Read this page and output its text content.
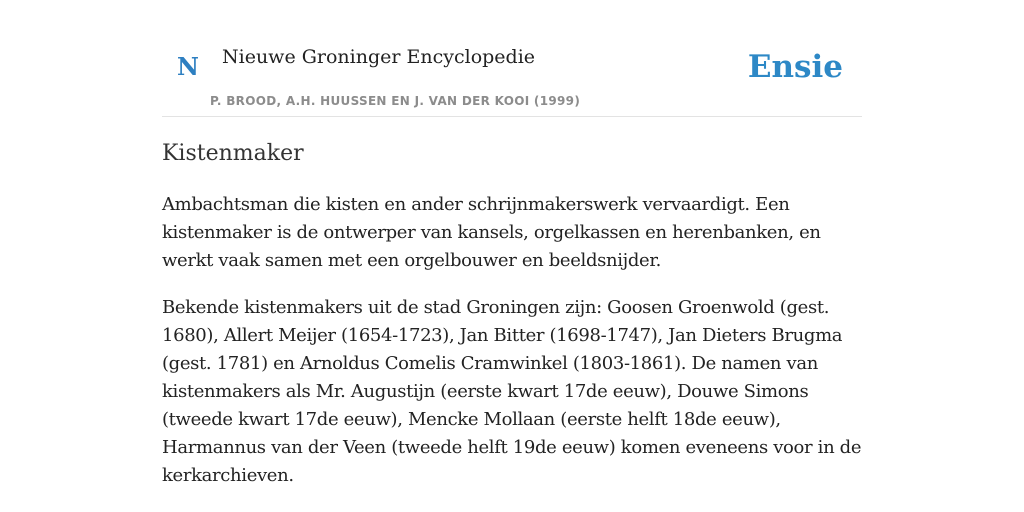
N Nieuwe Groninger Encyclopedie
P. BROOD, A.H. HUUSSEN EN J. VAN DER KOOI (1999)
Ensie
Kistenmaker

Ambachtsman die kisten en ander schrijnmakerswerk vervaardigt. Een kistenmaker is de ontwerper van kansels, orgelkassen en herenbanken, en werkt vaak samen met een orgelbouwer en beeldsnijder.

Bekende kistenmakers uit de stad Groningen zijn: Goosen Groenwold (gest. 1680), Allert Meijer (1654-1723), Jan Bitter (1698-1747), Jan Dieters Brugma (gest. 1781) en Arnoldus Comelis Cramwinkel (1803-1861). De namen van kistenmakers als Mr. Augustijn (eerste kwart 17de eeuw), Douwe Simons (tweede kwart 17de eeuw), Mencke Mollaan (eerste helft 18de eeuw), Harmannus van der Veen (tweede helft 19de eeuw) komen eveneens voor in de kerkarchieven.
